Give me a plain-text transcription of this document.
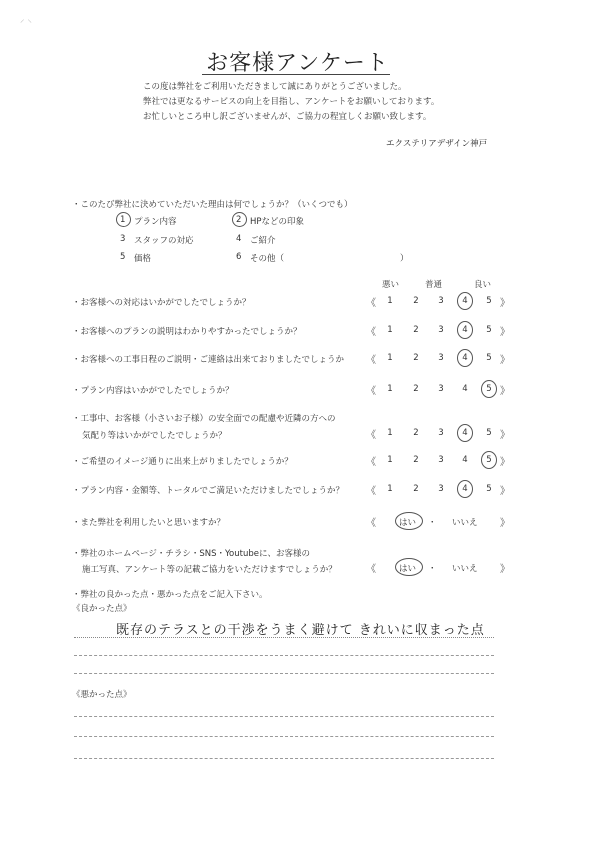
⸝ ⸜
お客様アンケート
この度は弊社をご利用いただきまして誠にありがとうございました。
弊社では更なるサービスの向上を目指し、アンケートをお願いしております。
お忙しいところ申し訳ございませんが、ご協力の程宜しくお願い致します。
エクステリアデザイン神戸
・このたび弊社に決めていただいた理由は何でしょうか？（いくつでも）
1 プラン内容	2 HPなどの印象
3 スタッフの対応	4 ご紹介
5 価格	6 その他（	）
悪い	普通	良い
・お客様への対応はいかがでしたでしょうか？	《	1	2	3	4	5 》
・お客様へのプランの説明はわかりやすかったでしょうか？	《	1	2	3	4	5 》
・お客様への工事日程のご説明・ご連絡は出来ておりましたでしょうか 《	1	2	3	4	5 》
・プラン内容はいかがでしたでしょうか？	《	1	2	3	4	5 》
・工事中、お客様（小さいお子様）の安全面での配慮や近隣の方への
気配り等はいかがでしたでしょうか？	《	1	2	3	4	5 》
・ご希望のイメージ通りに出来上がりましたでしょうか？	《	1	2	3	4	5 》
・プラン内容・金額等、トータルでご満足いただけましたでしょうか？ 《	1	2	3	4	5 》
・また弊社を利用したいと思いますか？	《	はい ・ いいえ 》
・弊社のホームページ・チラシ・SNS・Youtubeに、お客様の
施工写真、アンケート等の記載ご協力をいただけますでしょうか？	《	はい ・ いいえ 》
・弊社の良かった点・悪かった点をご記入下さい。
《良かった点》
既存のテラスとの干渉をうまく避けて きれいに収まった点
《悪かった点》
